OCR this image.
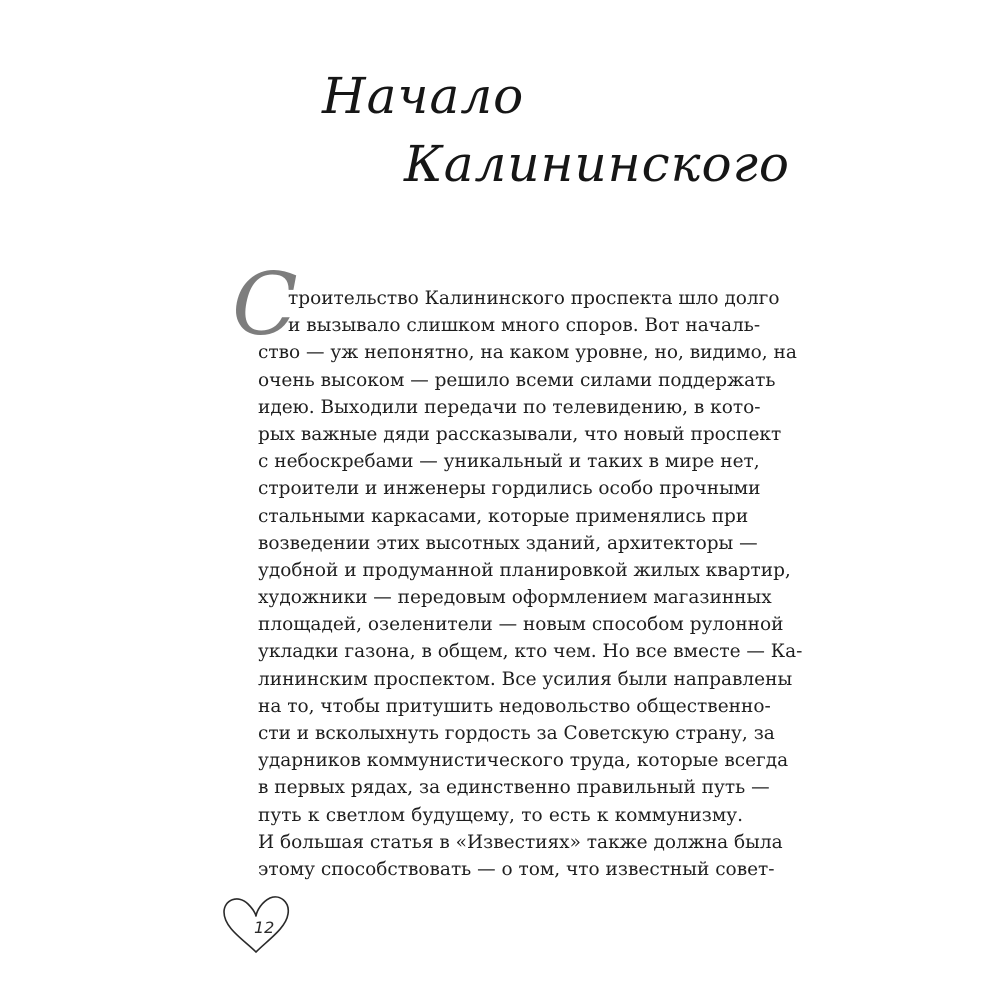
Начало
Калининского
С
троительство Калининского проспекта шло долго
и вызывало слишком много споров. Вот началь-
ство — уж непонятно, на каком уровне, но, видимо, на
очень высоком — решило всеми силами поддержать
идею. Выходили передачи по телевидению, в кото-
рых важные дяди рассказывали, что новый проспект
с небоскребами — уникальный и таких в мире нет,
строители и инженеры гордились особо прочными
стальными каркасами, которые применялись при
возведении этих высотных зданий, архитекторы —
удобной и продуманной планировкой жилых квартир,
художники — передовым оформлением магазинных
площадей, озеленители — новым способом рулонной
укладки газона, в общем, кто чем. Но все вместе — Ка-
лининским проспектом. Все усилия были направлены
на то, чтобы притушить недовольство общественно-
сти и всколыхнуть гордость за Советскую страну, за
ударников коммунистического труда, которые всегда
в первых рядах, за единственно правильный путь —
путь к светлом будущему, то есть к коммунизму.
И большая статья в «Известиях» также должна была
этому способствовать — о том, что известный совет-
12
